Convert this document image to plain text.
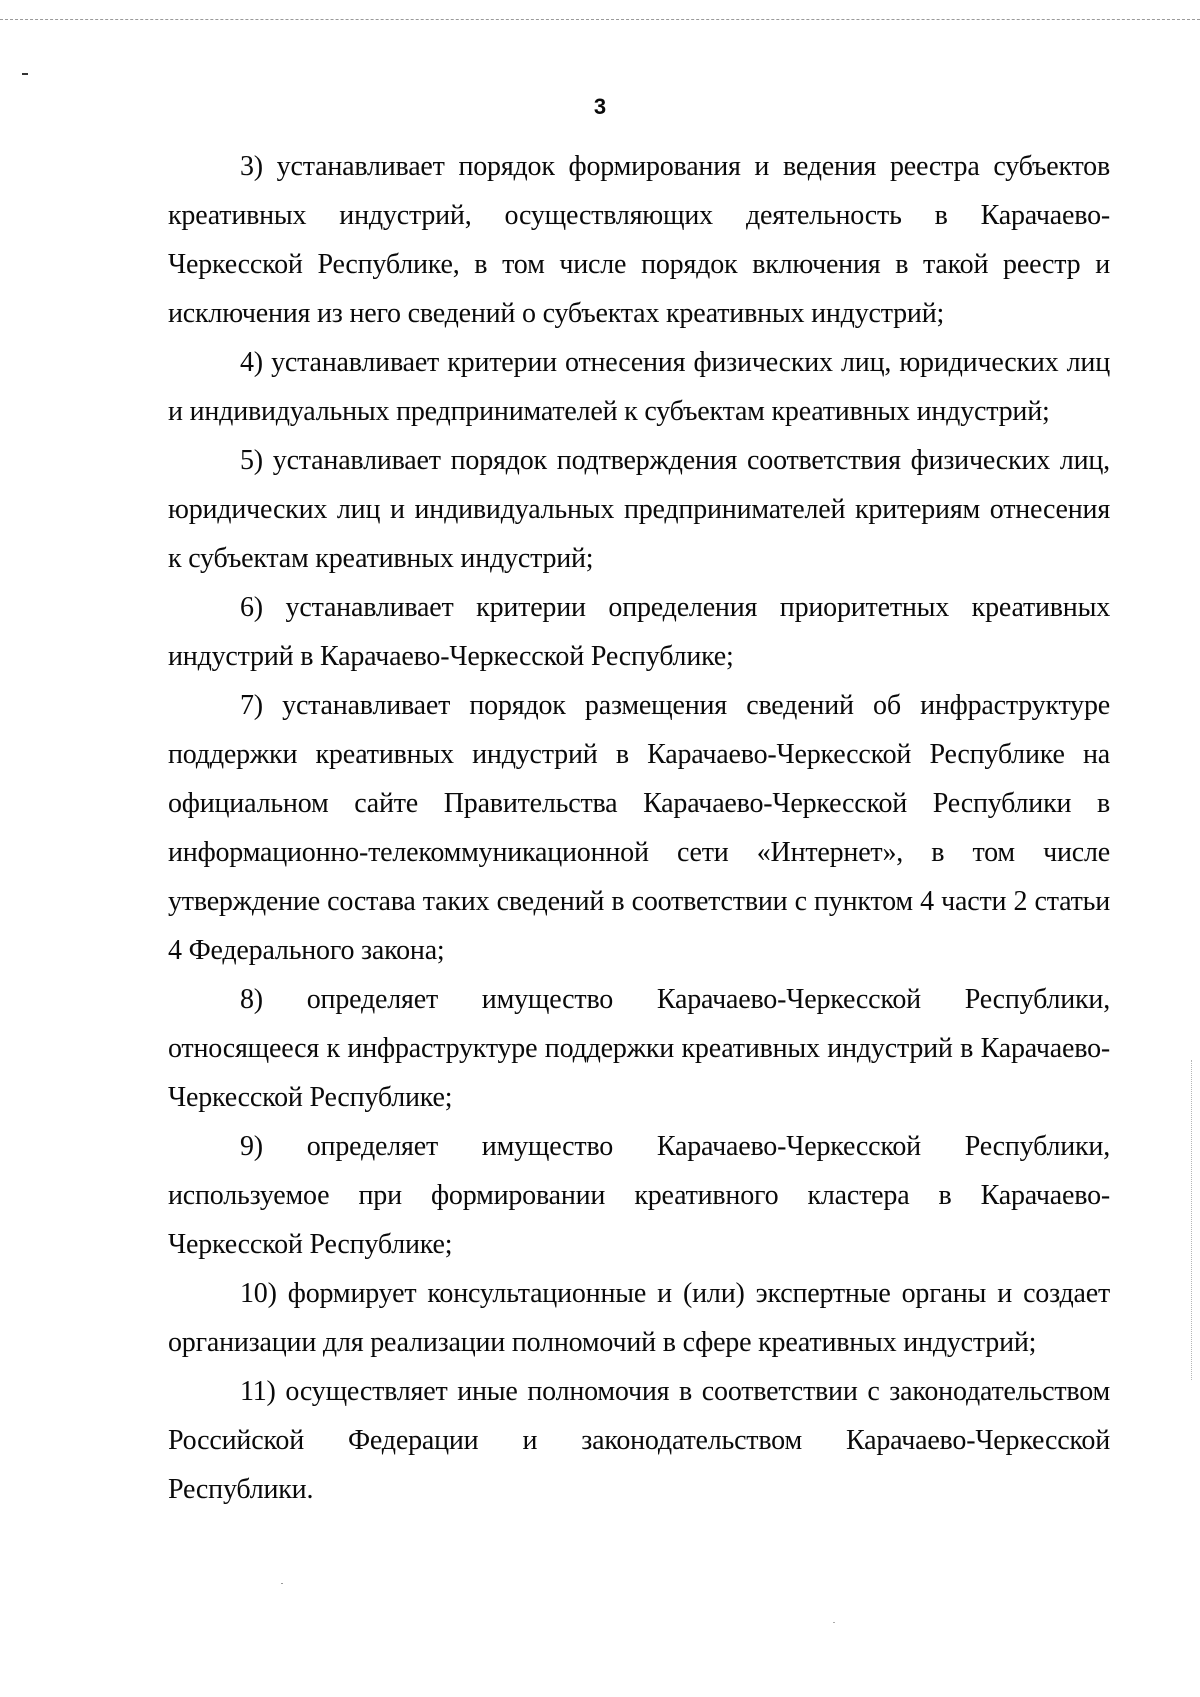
3

3) устанавливает порядок формирования и ведения реестра субъектов креативных индустрий, осуществляющих деятельность в Карачаево-Черкесской Республике, в том числе порядок включения в такой реестр и исключения из него сведений о субъектах креативных индустрий;

4) устанавливает критерии отнесения физических лиц, юридических лиц и индивидуальных предпринимателей к субъектам креативных индустрий;

5) устанавливает порядок подтверждения соответствия физических лиц, юридических лиц и индивидуальных предпринимателей критериям отнесения к субъектам креативных индустрий;

6) устанавливает критерии определения приоритетных креативных индустрий в Карачаево-Черкесской Республике;

7) устанавливает порядок размещения сведений об инфраструктуре поддержки креативных индустрий в Карачаево-Черкесской Республике на официальном сайте Правительства Карачаево-Черкесской Республики в информационно-телекоммуникационной сети «Интернет», в том числе утверждение состава таких сведений в соответствии с пунктом 4 части 2 статьи 4 Федерального закона;

8) определяет имущество Карачаево-Черкесской Республики, относящееся к инфраструктуре поддержки креативных индустрий в Карачаево-Черкесской Республике;

9) определяет имущество Карачаево-Черкесской Республики, используемое при формировании креативного кластера в Карачаево-Черкесской Республике;

10) формирует консультационные и (или) экспертные органы и создает организации для реализации полномочий в сфере креативных индустрий;

11) осуществляет иные полномочия в соответствии с законодательством Российской Федерации и законодательством Карачаево-Черкесской Республики.
